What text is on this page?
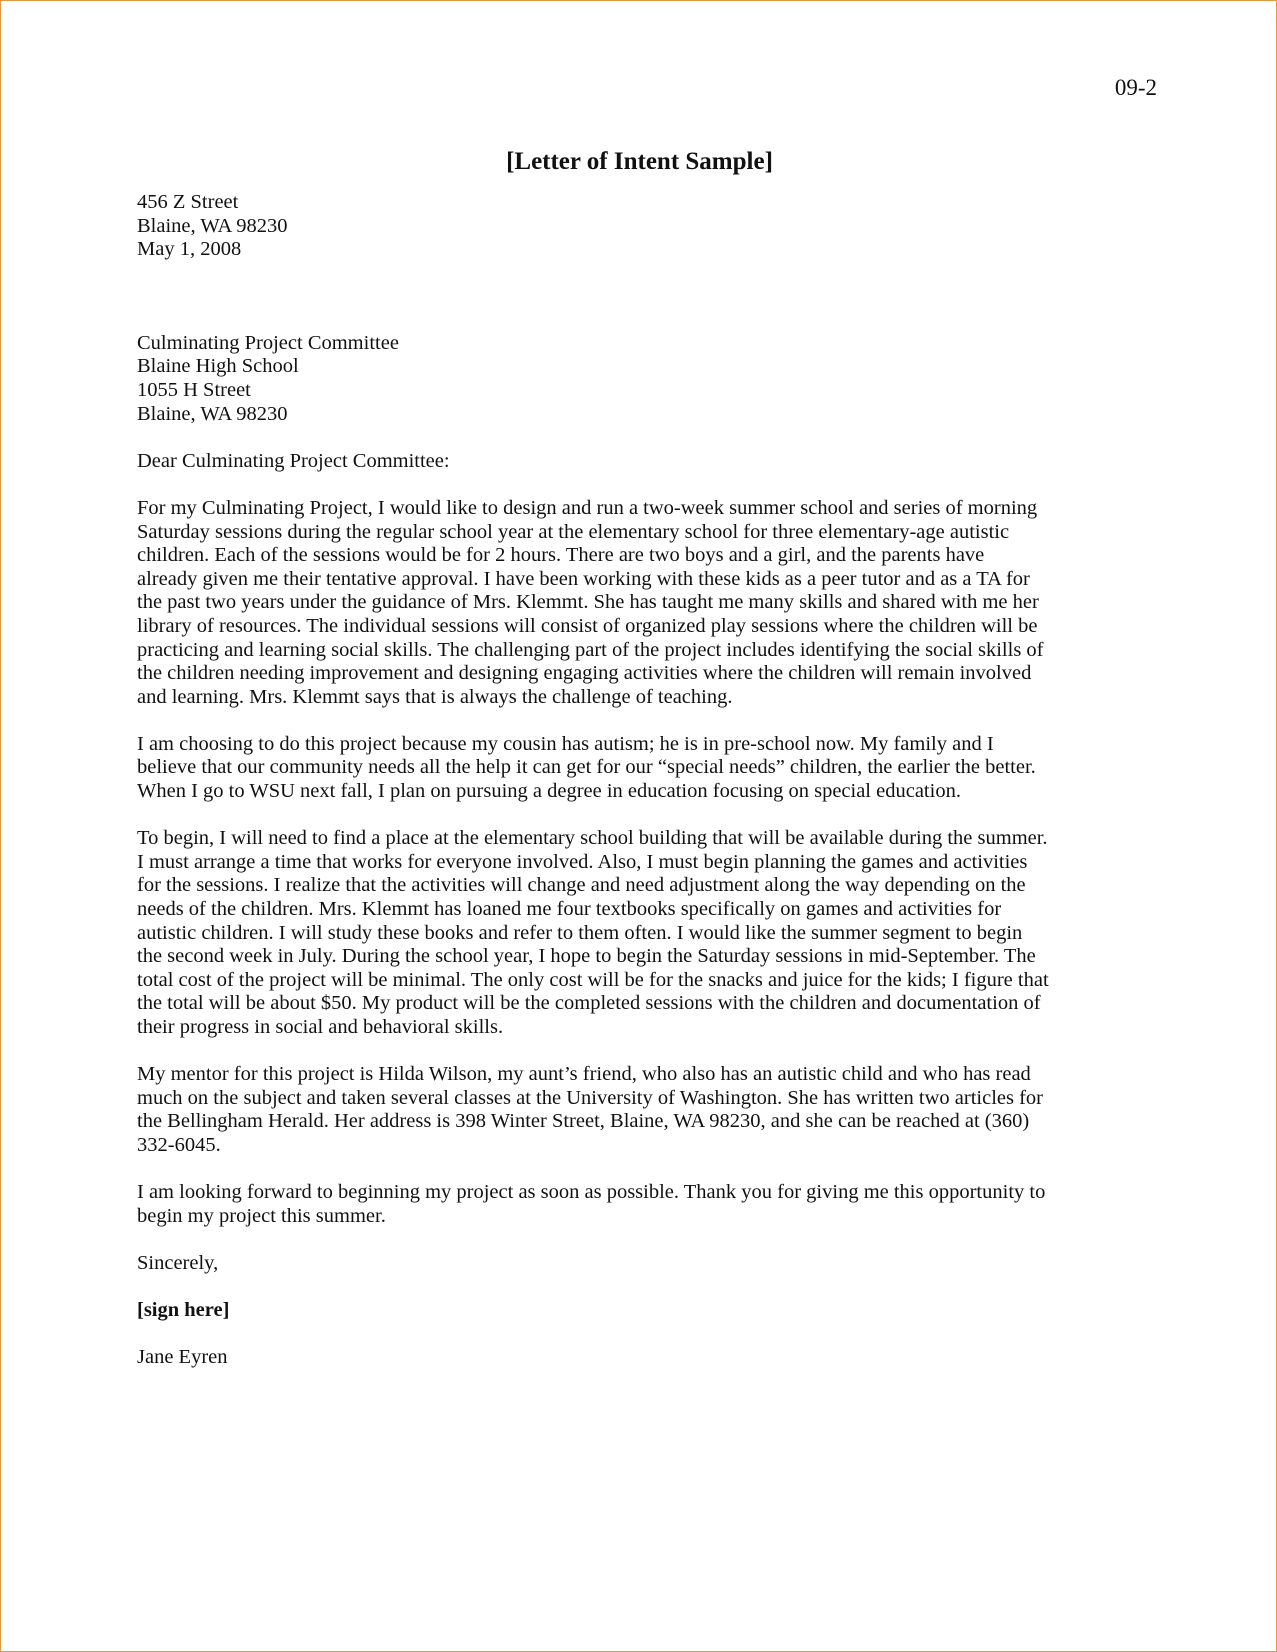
09-2
[Letter of Intent Sample]
456 Z Street
Blaine, WA 98230
May 1, 2008
Culminating Project Committee
Blaine High School
1055 H Street
Blaine, WA 98230
Dear Culminating Project Committee:
For my Culminating Project, I would like to design and run a two-week summer school and series of morning
Saturday sessions during the regular school year at the elementary school for three elementary-age autistic
children. Each of the sessions would be for 2 hours. There are two boys and a girl, and the parents have
already given me their tentative approval. I have been working with these kids as a peer tutor and as a TA for
the past two years under the guidance of Mrs. Klemmt. She has taught me many skills and shared with me her
library of resources. The individual sessions will consist of organized play sessions where the children will be
practicing and learning social skills. The challenging part of the project includes identifying the social skills of
the children needing improvement and designing engaging activities where the children will remain involved
and learning. Mrs. Klemmt says that is always the challenge of teaching.
I am choosing to do this project because my cousin has autism; he is in pre-school now. My family and I
believe that our community needs all the help it can get for our “special needs” children, the earlier the better.
When I go to WSU next fall, I plan on pursuing a degree in education focusing on special education.
To begin, I will need to find a place at the elementary school building that will be available during the summer.
I must arrange a time that works for everyone involved. Also, I must begin planning the games and activities
for the sessions. I realize that the activities will change and need adjustment along the way depending on the
needs of the children. Mrs. Klemmt has loaned me four textbooks specifically on games and activities for
autistic children. I will study these books and refer to them often. I would like the summer segment to begin
the second week in July. During the school year, I hope to begin the Saturday sessions in mid-September. The
total cost of the project will be minimal. The only cost will be for the snacks and juice for the kids; I figure that
the total will be about $50. My product will be the completed sessions with the children and documentation of
their progress in social and behavioral skills.
My mentor for this project is Hilda Wilson, my aunt’s friend, who also has an autistic child and who has read
much on the subject and taken several classes at the University of Washington. She has written two articles for
the Bellingham Herald. Her address is 398 Winter Street, Blaine, WA 98230, and she can be reached at (360)
332-6045.
I am looking forward to beginning my project as soon as possible. Thank you for giving me this opportunity to
begin my project this summer.
Sincerely,
[sign here]
Jane Eyren
